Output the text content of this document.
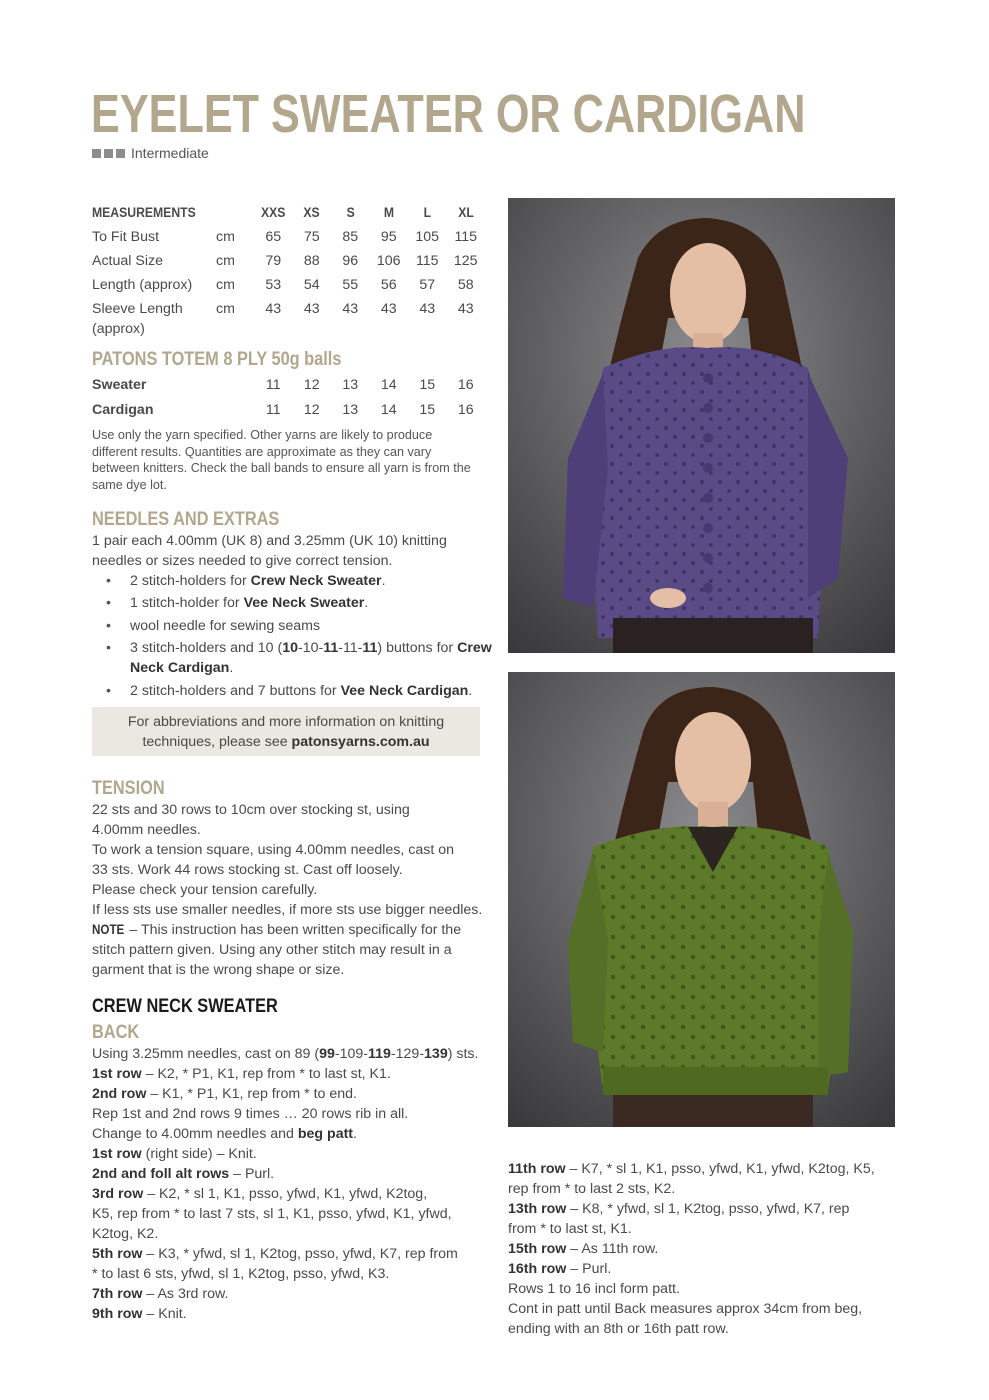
EYELET SWEATER OR CARDIGAN
Intermediate
MEASUREMENTS		XXS	XS	S	M	L	XL
To Fit Bust	cm	65	75	85	95	105	115
Actual Size	cm	79	88	96	106	115	125
Length (approx)	cm	53	54	55	56	57	58
Sleeve Length
(approx)	cm	43	43	43	43	43	43
PATONS TOTEM 8 PLY 50g balls
Sweater		11	12	13	14	15	16
Cardigan		11	12	13	14	15	16
Use only the yarn specified. Other yarns are likely to produce different results. Quantities are approximate as they can vary between knitters. Check the ball bands to ensure all yarn is from the same dye lot.
NEEDLES AND EXTRAS
1 pair each 4.00mm (UK 8) and 3.25mm (UK 10) knitting needles or sizes needed to give correct tension.
• 2 stitch-holders for Crew Neck Sweater.
• 1 stitch-holder for Vee Neck Sweater.
• wool needle for sewing seams
• 3 stitch-holders and 10 (10-10-11-11-11) buttons for Crew Neck Cardigan.
• 2 stitch-holders and 7 buttons for Vee Neck Cardigan.
For abbreviations and more information on knitting
techniques, please see patonsyarns.com.au
TENSION
22 sts and 30 rows to 10cm over stocking st, using
4.00mm needles.
To work a tension square, using 4.00mm needles, cast on
33 sts. Work 44 rows stocking st. Cast off loosely.
Please check your tension carefully.
If less sts use smaller needles, if more sts use bigger needles.
NOTE – This instruction has been written specifically for the
stitch pattern given. Using any other stitch may result in a
garment that is the wrong shape or size.
CREW NECK SWEATER
BACK
Using 3.25mm needles, cast on 89 (99-109-119-129-139) sts.
1st row – K2, * P1, K1, rep from * to last st, K1.
2nd row – K1, * P1, K1, rep from * to end.
Rep 1st and 2nd rows 9 times … 20 rows rib in all.
Change to 4.00mm needles and beg patt.
1st row (right side) – Knit.
2nd and foll alt rows – Purl.
3rd row – K2, * sl 1, K1, psso, yfwd, K1, yfwd, K2tog,
K5, rep from * to last 7 sts, sl 1, K1, psso, yfwd, K1, yfwd,
K2tog, K2.
5th row – K3, * yfwd, sl 1, K2tog, psso, yfwd, K7, rep from
* to last 6 sts, yfwd, sl 1, K2tog, psso, yfwd, K3.
7th row – As 3rd row.
9th row – Knit.
11th row – K7, * sl 1, K1, psso, yfwd, K1, yfwd, K2tog, K5,
rep from * to last 2 sts, K2.
13th row – K8, * yfwd, sl 1, K2tog, psso, yfwd, K7, rep
from * to last st, K1.
15th row – As 11th row.
16th row – Purl.
Rows 1 to 16 incl form patt.
Cont in patt until Back measures approx 34cm from beg,
ending with an 8th or 16th patt row.
